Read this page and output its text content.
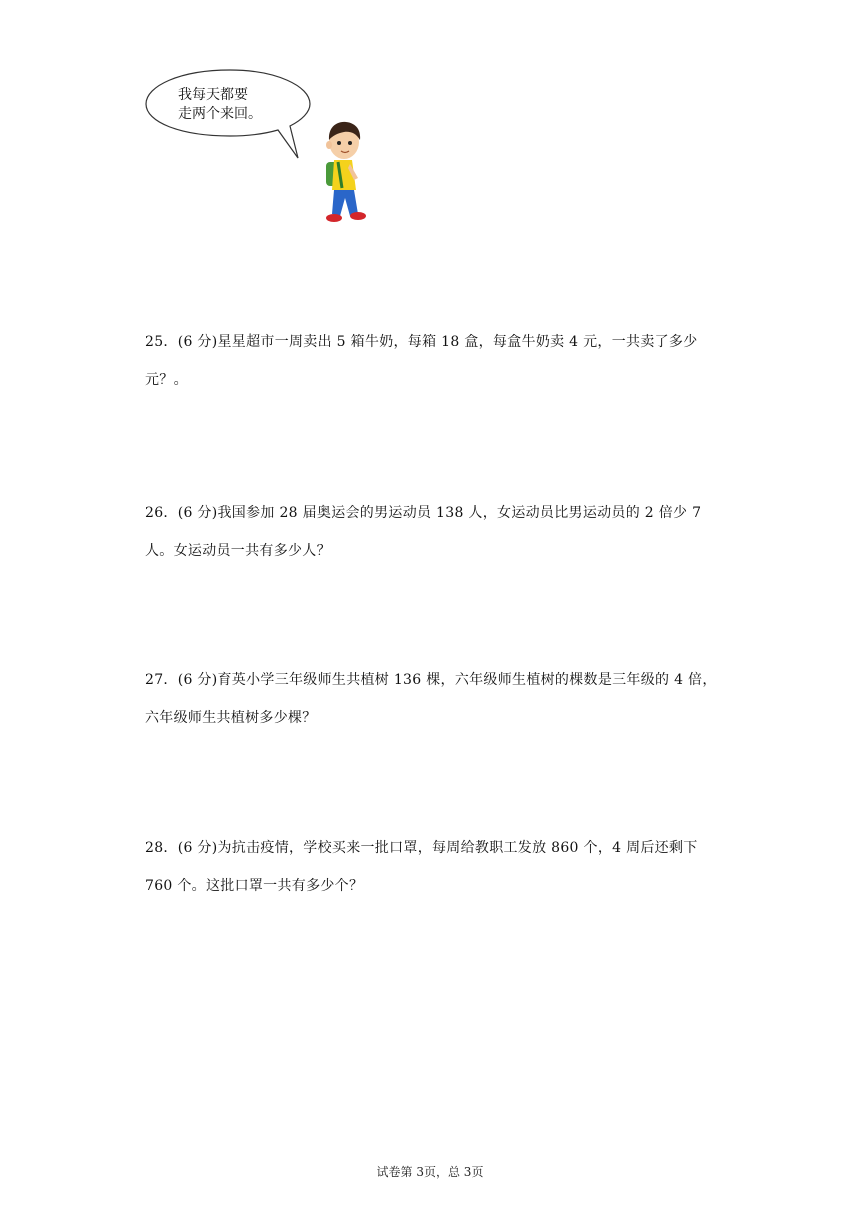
我每天都要
走两个来回。
25．(6 分)星星超市一周卖出 5 箱牛奶，每箱 18 盒，每盒牛奶卖 4 元，一共卖了多少
元？。
26．(6 分)我国参加 28 届奥运会的男运动员 138 人，女运动员比男运动员的 2 倍少 7
人。女运动员一共有多少人？
27．(6 分)育英小学三年级师生共植树 136 棵，六年级师生植树的棵数是三年级的 4 倍，
六年级师生共植树多少棵？
28．(6 分)为抗击疫情，学校买来一批口罩，每周给教职工发放 860 个，4 周后还剩下
760 个。这批口罩一共有多少个？
试卷第 3页，总 3页
